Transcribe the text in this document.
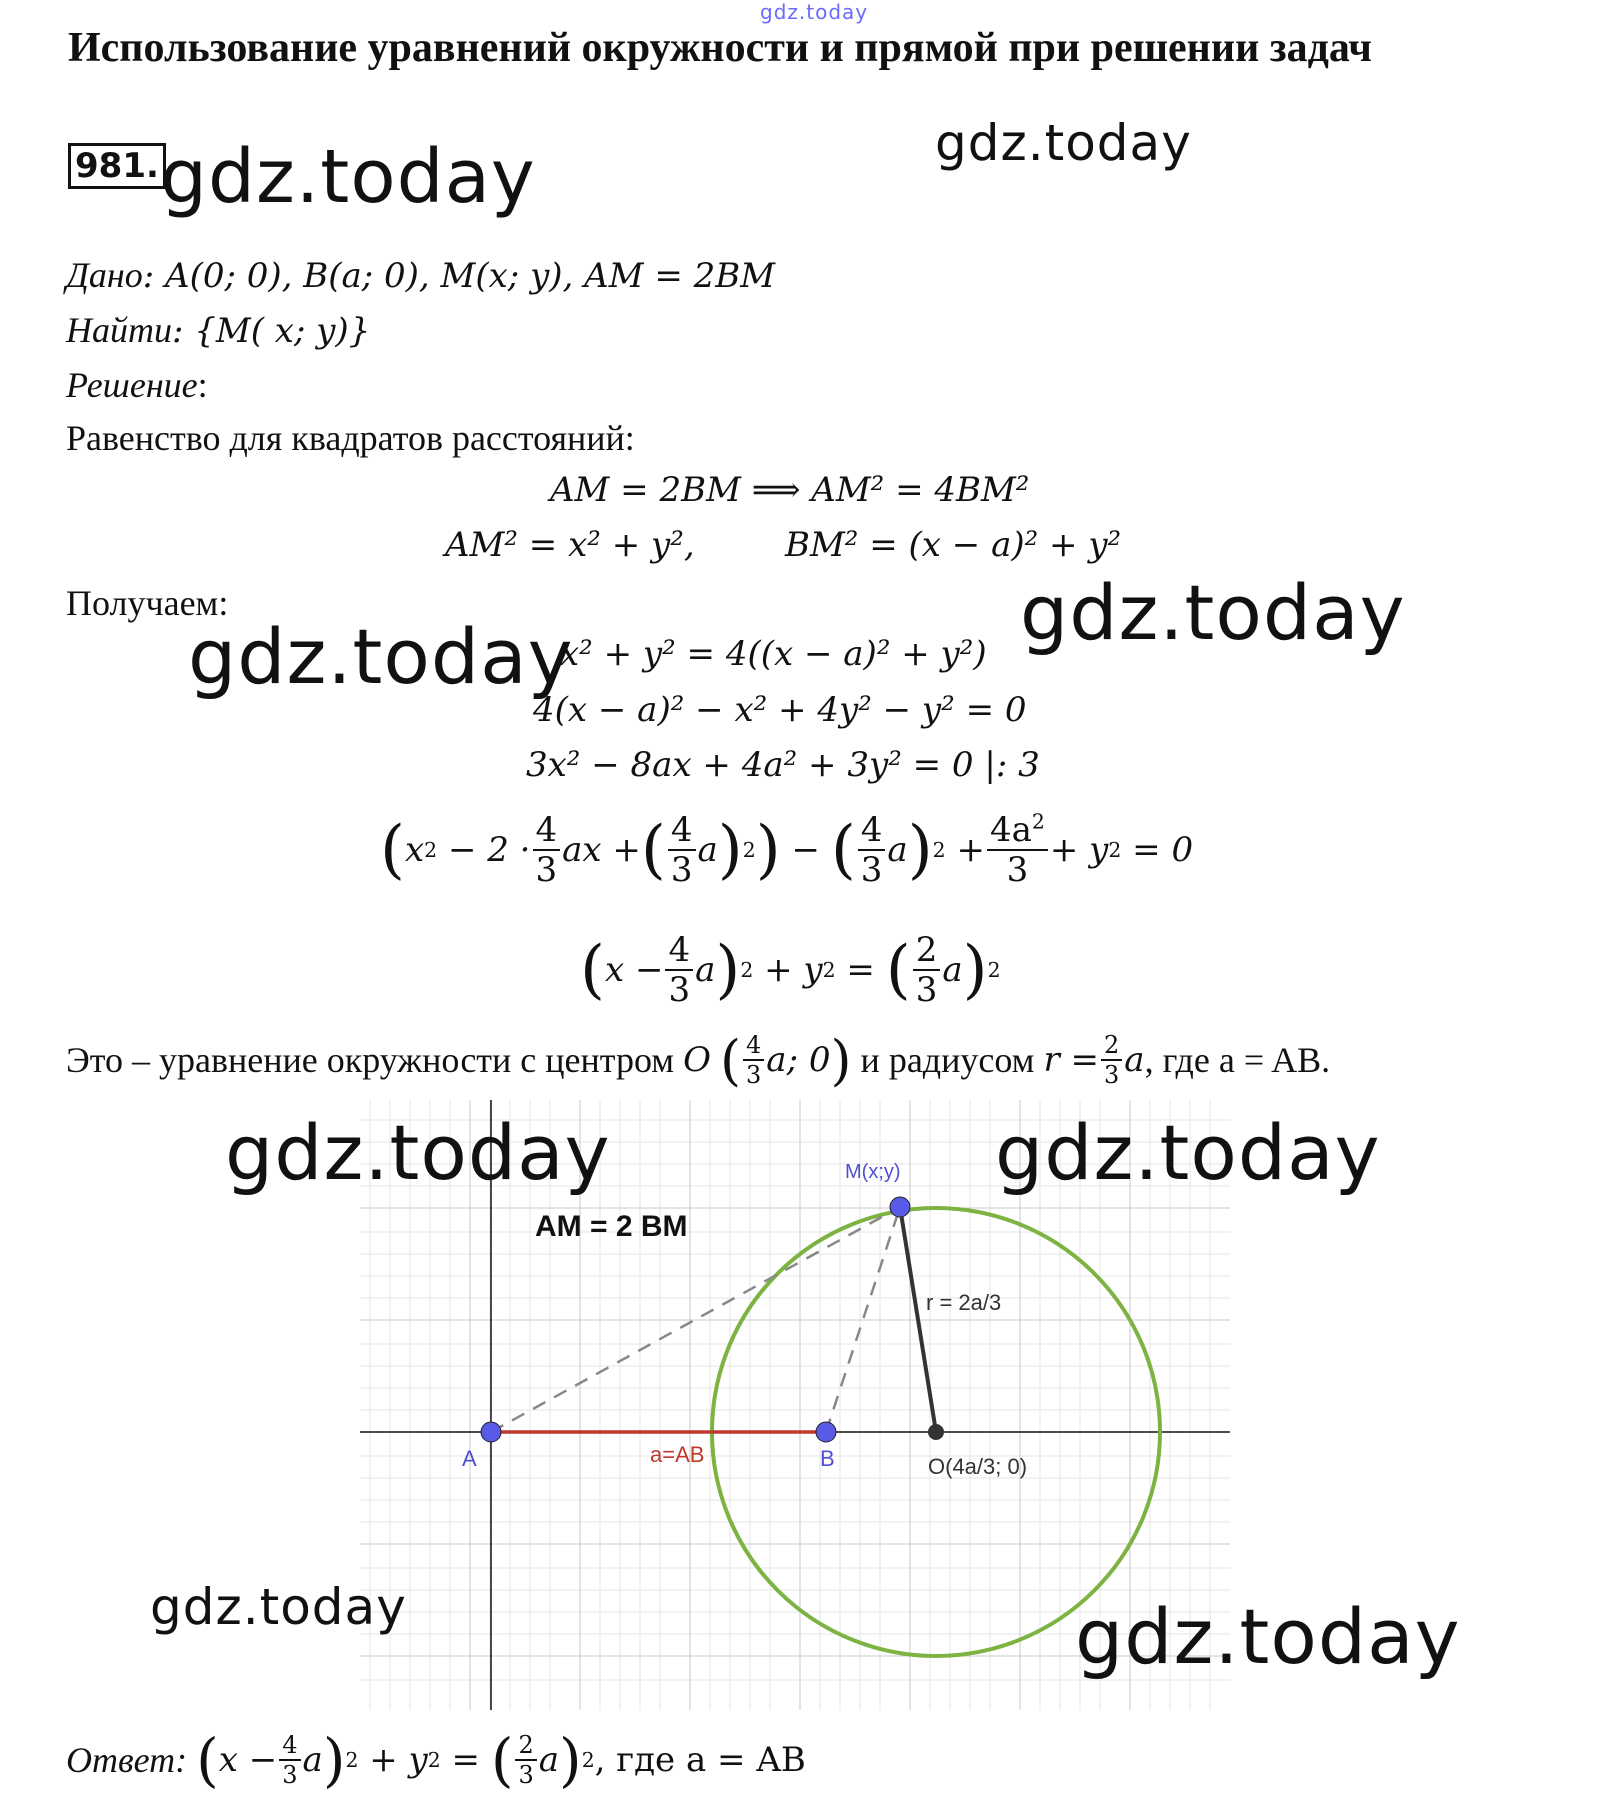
gdz.today
Использование уравнений окружности и прямой при решении задач
981. gdz.today	gdz.today
Дано: A(0; 0), B(a; 0), M(x; y), AM = 2BM
Найти: {M( x; y)}
Решение:
Равенство для квадратов расстояний:
AM = 2BM ⟹ AM² = 4BM²
AM² = x² + y²,	BM² = (x − a)² + y²
Получаем:	gdz.today
gdz.today
x² + y² = 4((x − a)² + y²)
4(x − a)² − x² + 4y² − y² = 0
3x² − 8ax + 4a² + 3y² = 0 |: 3
( x $2 - 2 \cdot \frac{4}{3}$ ax + ( $\frac{4}{3}$ a ) 2 ) − ( $\frac{4}{3}$ a ) $2 + \frac{4a^2}{3} + y$ 2 = 0
( $x - \frac{4}{3}$ a ) 2 + y 2 = ( $\frac{2}{3}$ a ) 2
Это – уравнение окружности с центром
O
( $\frac{4}{3} a$; 0 )
и радиусом
$r = \frac{2}{3}$ a , где a = AB.
AM = 2 BM
M(x;y)
A	B
a=AB	O(4a/3; 0)
r = 2a/3
gdz.today	gdz.today
gdz.today	gdz.today
Ответ:
( $x - \frac{4}{3}$ a ) 2 + y 2 = ( $\frac{2}{3}$ a ) 2 , где a = AB
